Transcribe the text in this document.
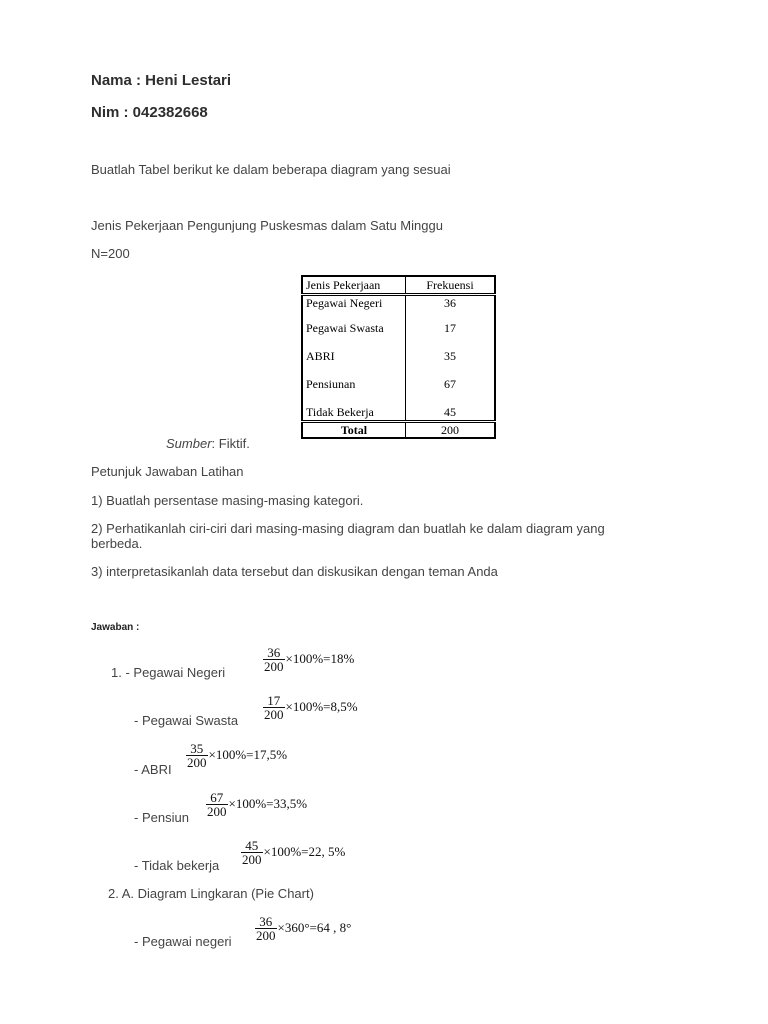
Nama : Heni Lestari
Nim : 042382668
Buatlah Tabel berikut ke dalam beberapa diagram yang sesuai
Jenis Pekerjaan Pengunjung Puskesmas dalam Satu Minggu
N=200
Jenis Pekerjaan	Frekuensi
Pegawai Negeri	36
Pegawai Swasta	17
ABRI	35
Pensiunan	67
Tidak Bekerja	45
Total	200
Sumber: Fiktif.
Petunjuk Jawaban Latihan
1) Buatlah persentase masing-masing kategori.
2) Perhatikanlah ciri-ciri dari masing-masing diagram dan buatlah ke dalam diagram yang
berbeda.
3) interpretasikanlah data tersebut dan diskusikan dengan teman Anda
Jawaban :
1. - Pegawai Negeri	$\frac{36}{200} \times 100\%=18\%$
- Pegawai Swasta $\frac{17}{200} \times 100\%=8,5\%$
- ABRI
$\frac{35}{200} \times 100\%=17,5\%$
- Pensiun $\frac{67}{200} \times 100\%=33,5\%$
- Tidak bekerja $\frac{45}{200} \times 100\%=22$, 5%
2. A. Diagram Lingkaran (Pie Chart)
- Pegawai negeri $\frac{36}{200} \times 360^\circ=64$ , 8°
